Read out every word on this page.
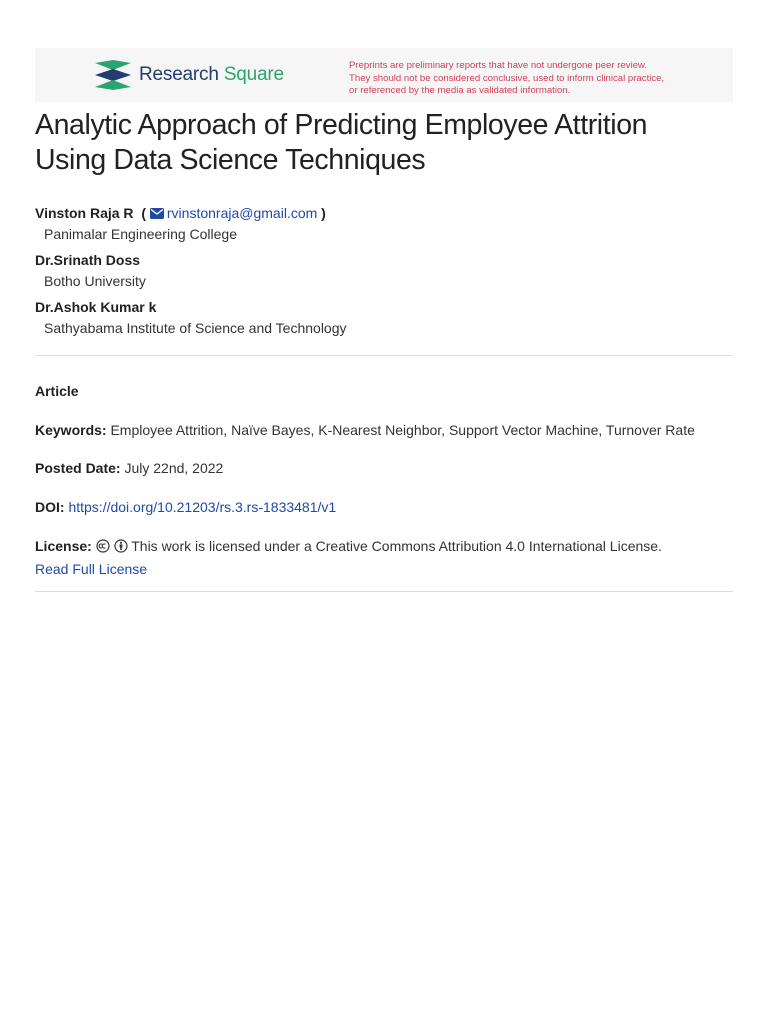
Research Square	Preprints are preliminary reports that have not undergone peer review.
They should not be considered conclusive, used to inform clinical practice,
or referenced by the media as validated information.
Analytic Approach of Predicting Employee Attrition
Using Data Science Techniques
Vinston Raja R  ( rvinstonraja@gmail.com )
Panimalar Engineering College
Dr.Srinath Doss
Botho University
Dr.Ashok Kumar k
Sathyabama Institute of Science and Technology
Article
Keywords: Employee Attrition, Naïve Bayes, K-Nearest Neighbor, Support Vector Machine, Turnover Rate
Posted Date: July 22nd, 2022
DOI: https://doi.org/10.21203/rs.3.rs-1833481/v1
License:	This work is licensed under a Creative Commons Attribution 4.0 International License.
Read Full License
